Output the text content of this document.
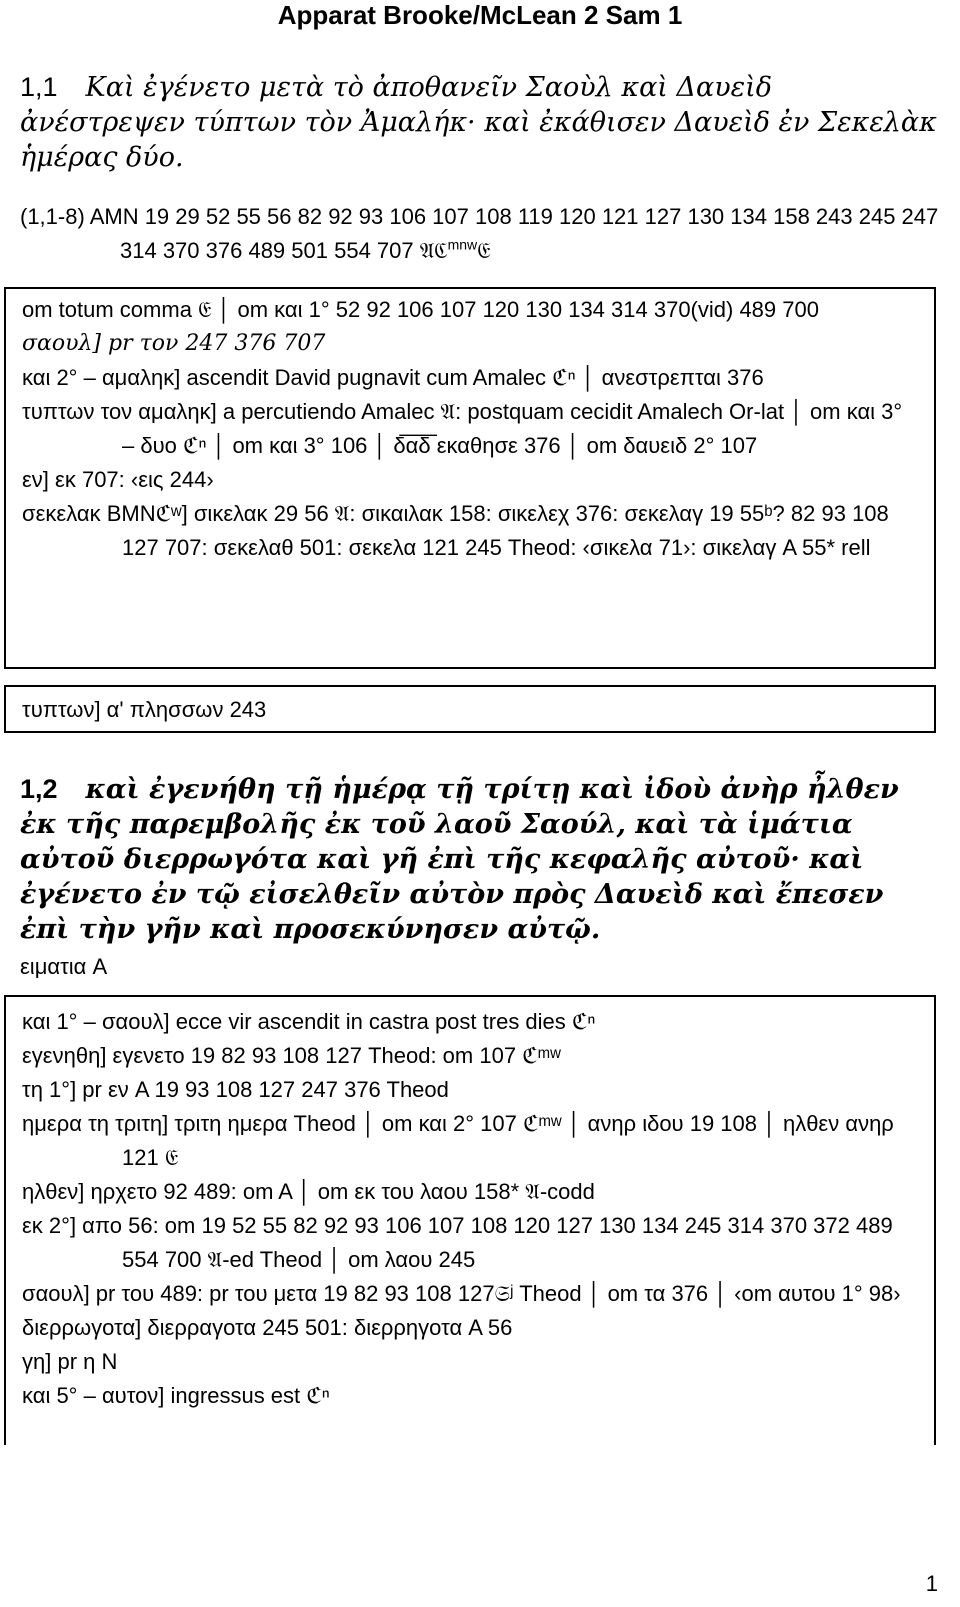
Apparat Brooke/McLean 2 Sam 1
1,1 Καὶ ἐγένετο μετὰ τὸ ἀποθανεῖν Σαοὺλ καὶ Δαυεὶδ ἀνέστρεψεν τύπτων τὸν Ἀμαλήκ· καὶ ἐκάθισεν Δαυεὶδ ἐν Σεκελὰκ ἡμέρας δύο.
(1,1-8) AMN 19 29 52 55 56 82 92 93 106 107 108 119 120 121 127 130 134 158 243 245 247 314 370 376 489 501 554 707 𝔄ℭ$^{mnw}$𝔈
om totum comma 𝔈 │ om και 1° 52 92 106 107 120 130 134 314 370(vid) 489 700
σαουλ] pr τον 247 376 707
και 2° – αμαληκ] ascendit David pugnavit cum Amalec ℭⁿ │ ανεστρεπται 376
τυπτων τον αμαληκ] a percutiendo Amalec 𝔄: postquam cecidit Amalech Or-lat │ om και 3° – δυο ℭⁿ │ om και 3° 106 │ δ̅α̅δ̅ εκαθησε 376 │ om δαυειδ 2° 107
εν] εκ 707: ‹εις 244›
σεκελακ BMNℭʷ] σικελακ 29 56 𝔄: σικαιλακ 158: σικελεχ 376: σεκελαγ 19 55ᵇ? 82 93 108 127 707: σεκελαθ 501: σεκελα 121 245 Theod: ‹σικελα 71›: σικελαγ A 55* rell
τυπτων] α' πλησσων 243
1,2 καὶ ἐγενήθη τῇ ἡμέρᾳ τῇ τρίτῃ καὶ ἰδοὺ ἀνὴρ ἦλθεν ἐκ τῆς παρεμβολῆς ἐκ τοῦ λαοῦ Σαούλ, καὶ τὰ ἱμάτια αὐτοῦ διερρωγότα καὶ γῆ ἐπὶ τῆς κεφαλῆς αὐτοῦ· καὶ ἐγένετο ἐν τῷ εἰσελθεῖν αὐτὸν πρὸς Δαυεὶδ καὶ ἔπεσεν ἐπὶ τὴν γῆν καὶ προσεκύνησεν αὐτῷ.
ειματια A
και 1° – σαουλ] ecce vir ascendit in castra post tres dies ℭⁿ
εγενηθη] εγενετο 19 82 93 108 127 Theod: om 107 ℭᵐʷ
τη 1°] pr εν A 19 93 108 127 247 376 Theod
ημερα τη τριτη] τριτη ημερα Theod │ om και 2° 107 ℭᵐʷ │ ανηρ ιδου 19 108 │ ηλθεν ανηρ 121 𝔈
ηλθεν] ηρχετο 92 489: om A │ om εκ του λαου 158* 𝔄-codd
εκ 2°] απο 56: om 19 52 55 82 92 93 106 107 108 120 127 130 134 245 314 370 372 489 554 700 𝔄-ed Theod │ om λαου 245
σαουλ] pr του 489: pr του μετα 19 82 93 108 127𝔖ʲ Theod │ om τα 376 │ ‹om αυτου 1° 98›
διερρωγοτα] διερραγοτα 245 501: διερρηγοτα A 56
γη] pr η N
και 5° – αυτον] ingressus est ℭⁿ
1
